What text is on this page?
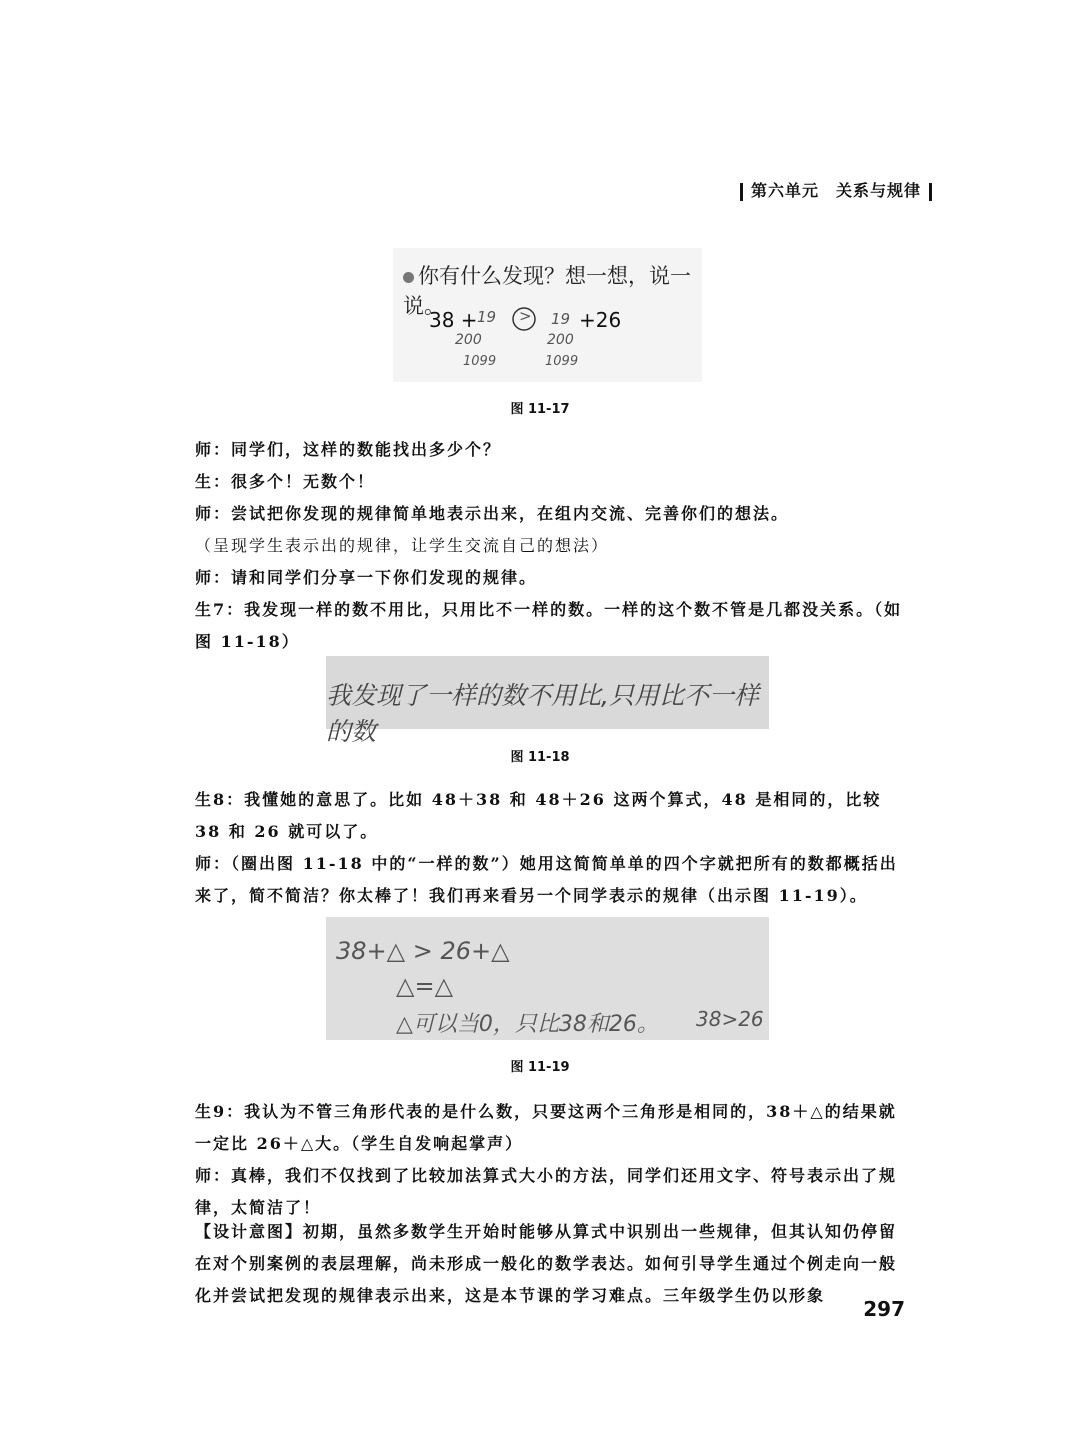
第六单元　关系与规律
你有什么发现？想一想，说一说。
38 + 19 > 19 +26
200	200
1099	1099
图 11-17
师：同学们，这样的数能找出多少个？
生：很多个！无数个！
师：尝试把你发现的规律简单地表示出来，在组内交流、完善你们的想法。
（呈现学生表示出的规律，让学生交流自己的想法）
师：请和同学们分享一下你们发现的规律。
生7：我发现一样的数不用比，只用比不一样的数。一样的这个数不管是几都没关系。（如图 11-18）
我发现了一样的数不用比,只用比不一样的数
图 11-18
生8：我懂她的意思了。比如 48＋38 和 48＋26 这两个算式，48 是相同的，比较 38 和 26 就可以了。
师：（圈出图 11-18 中的“一样的数”）她用这简简单单的四个字就把所有的数都概括出来了，简不简洁？你太棒了！我们再来看另一个同学表示的规律（出示图 11-19）。
38+△ > 26+△
△=△
△可以当0，只比38和26。 38>26
图 11-19
生9：我认为不管三角形代表的是什么数，只要这两个三角形是相同的，38＋△的结果就一定比 26＋△大。（学生自发响起掌声）
师：真棒，我们不仅找到了比较加法算式大小的方法，同学们还用文字、符号表示出了规律，太简洁了！
【设计意图】初期，虽然多数学生开始时能够从算式中识别出一些规律，但其认知仍停留在对个别案例的表层理解，尚未形成一般化的数学表达。如何引导学生通过个例走向一般化并尝试把发现的规律表示出来，这是本节课的学习难点。三年级学生仍以形象
297
